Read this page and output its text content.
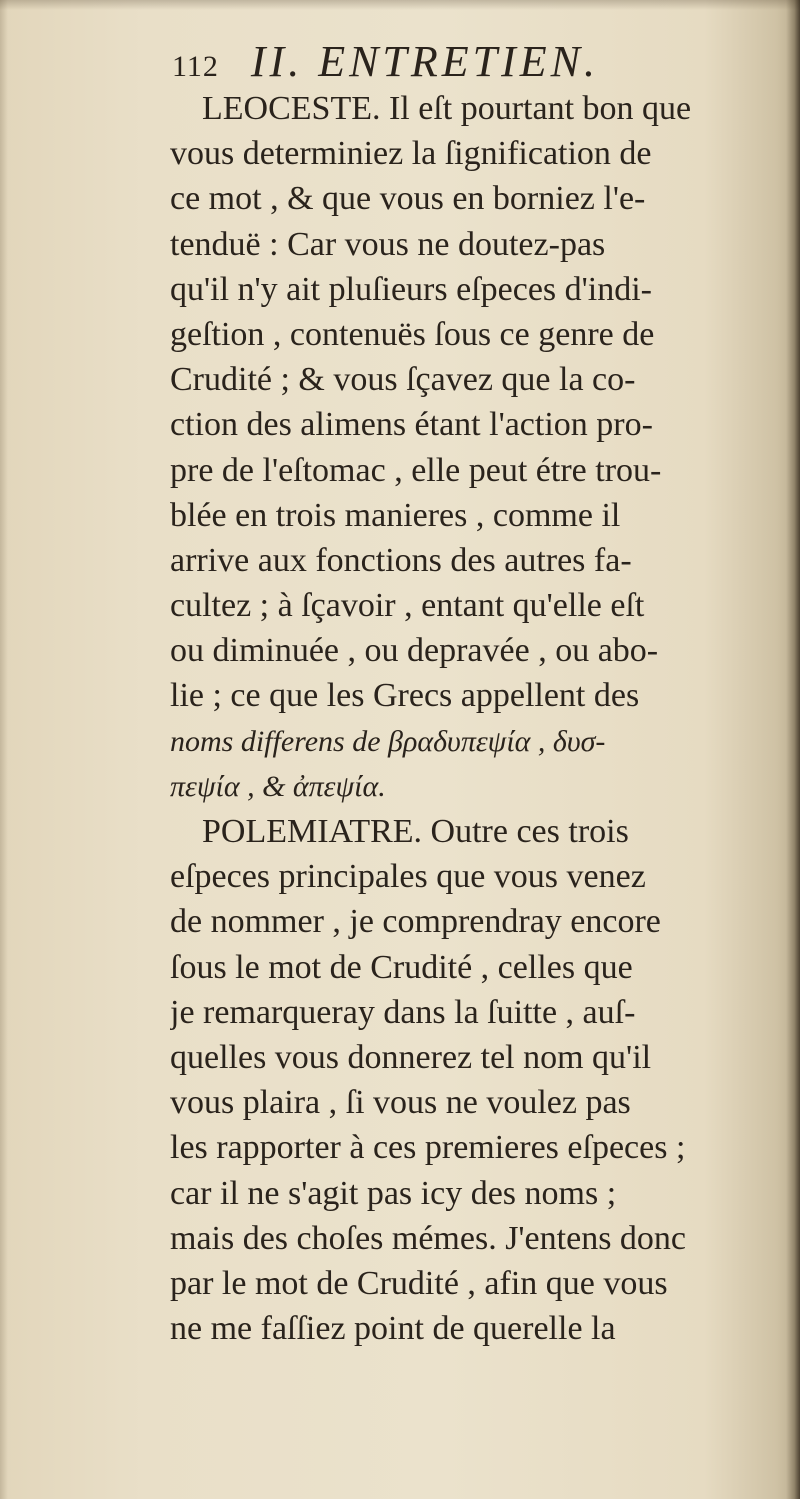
112 II. ENTRETIEN.
LEOCESTE. Il eſt pourtant bon que
vous determiniez la ſignification de
ce mot , & que vous en borniez l'e-
tenduë : Car vous ne doutez-pas
qu'il n'y ait pluſieurs eſpeces d'indi-
geſtion , contenuës ſous ce genre de
Crudité ; & vous ſçavez que la co-
ction des alimens étant l'action pro-
pre de l'eſtomac , elle peut étre trou-
blée en trois manieres , comme il
arrive aux fonctions des autres fa-
cultez ; à ſçavoir , entant qu'elle eſt
ou diminuée , ou depravée , ou abo-
lie ; ce que les Grecs appellent des
noms differens de βραδυπεψία , δυσ-
πεψία , & ἀπεψία.
POLEMIATRE. Outre ces trois
eſpeces principales que vous venez
de nommer , je comprendray encore
ſous le mot de Crudité , celles que
je remarqueray dans la ſuitte , auſ-
quelles vous donnerez tel nom qu'il
vous plaira , ſi vous ne voulez pas
les rapporter à ces premieres eſpeces ;
car il ne s'agit pas icy des noms ;
mais des choſes mémes. J'entens donc
par le mot de Crudité , afin que vous
ne me faſſiez point de querelle la
